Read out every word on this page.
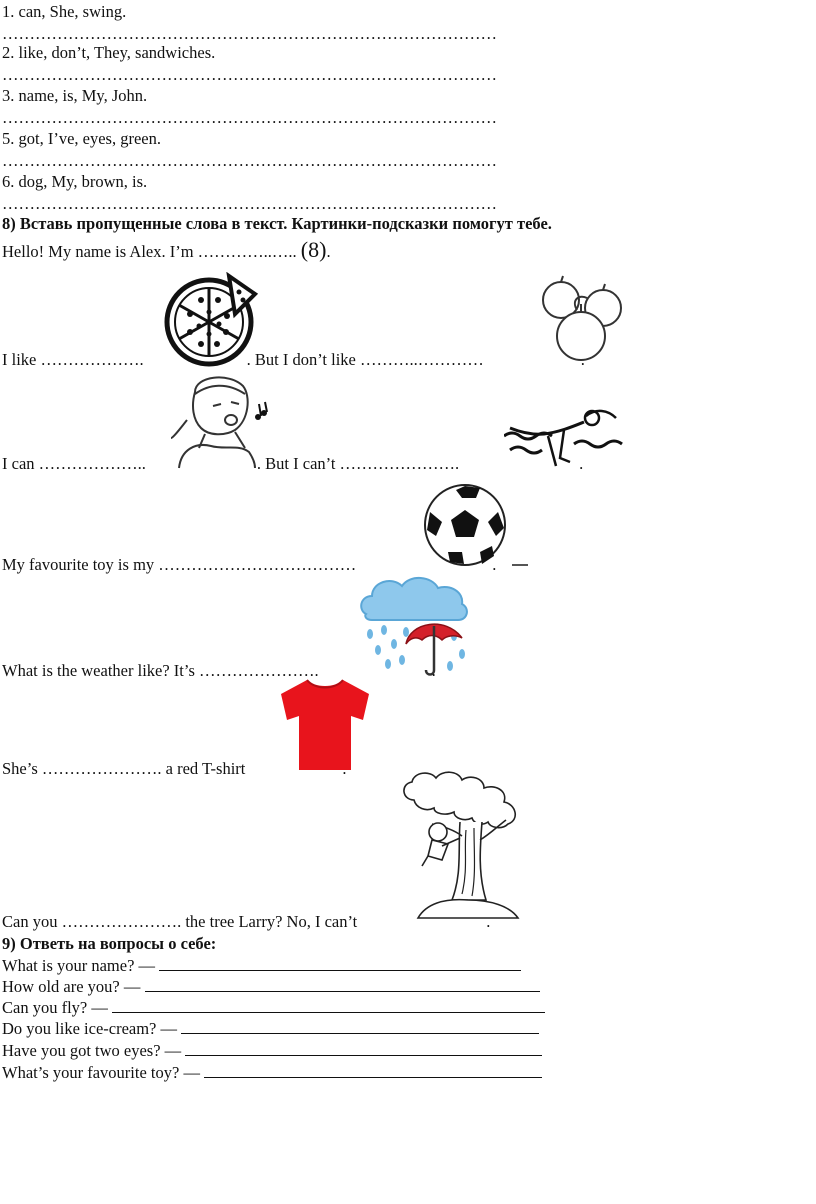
1. can, She, swing.
………………………………………………………………………………
2. like, don’t, They, sandwiches.
………………………………………………………………………………
3. name, is, My, John.
………………………………………………………………………………
5. got, I’ve, eyes, green.
………………………………………………………………………………
6. dog, My, brown, is.
………………………………………………………………………………
8) Вставь пропущенные слова в текст. Картинки-подсказки помогут тебе.
Hello! My name is Alex. I’m …………..….. (8).
I like ……………….	. But I don’t like ………..…………	.
I can ………………..	. But I can’t ………………….	.
My favourite toy is my ………………………………	.
What is the weather like? It’s ………………….	.
She’s …………………. a red T-shirt	.
Can you …………………. the tree Larry? No, I can’t	.
9) Ответь на вопросы о себе:
What is your name? —
How old are you? —
Can you fly? —
Do you like ice-cream? —
Have you got two eyes? —
What’s your favourite toy? —
